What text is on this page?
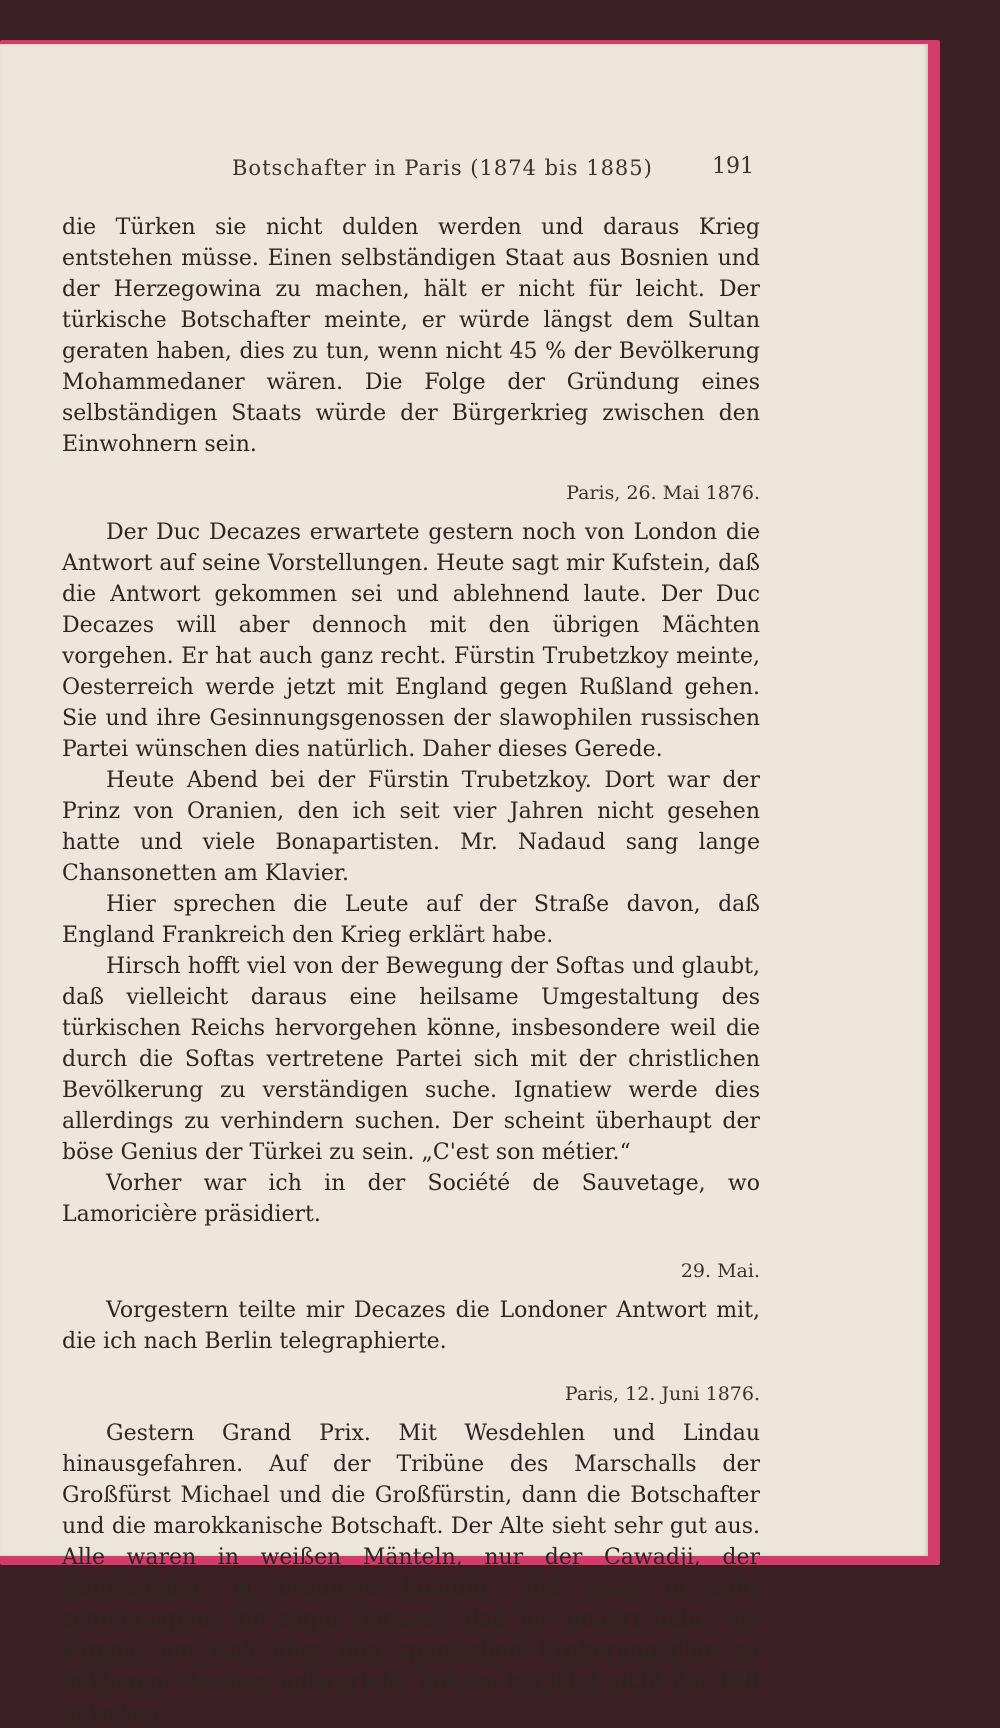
Botschafter in Paris (1874 bis 1885)	191

die Türken sie nicht dulden werden und daraus Krieg entstehen müsse. Einen selbständigen Staat aus Bosnien und der Herzegowina zu machen, hält er nicht für leicht. Der türkische Botschafter meinte, er würde längst dem Sultan geraten haben, dies zu tun, wenn nicht 45 % der Bevölkerung Mohammedaner wären. Die Folge der Gründung eines selbständigen Staats würde der Bürgerkrieg zwischen den Einwohnern sein.

Paris, 26. Mai 1876.

Der Duc Decazes erwartete gestern noch von London die Antwort auf seine Vorstellungen. Heute sagt mir Kufstein, daß die Antwort gekommen sei und ablehnend laute. Der Duc Decazes will aber dennoch mit den übrigen Mächten vorgehen. Er hat auch ganz recht. Fürstin Trubetzkoy meinte, Oesterreich werde jetzt mit England gegen Rußland gehen. Sie und ihre Gesinnungsgenossen der slawophilen russischen Partei wünschen dies natürlich. Daher dieses Gerede.

Heute Abend bei der Fürstin Trubetzkoy. Dort war der Prinz von Oranien, den ich seit vier Jahren nicht gesehen hatte und viele Bonapartisten. Mr. Nadaud sang lange Chansonetten am Klavier.

Hier sprechen die Leute auf der Straße davon, daß England Frankreich den Krieg erklärt habe.

Hirsch hofft viel von der Bewegung der Softas und glaubt, daß vielleicht daraus eine heilsame Umgestaltung des türkischen Reichs hervorgehen könne, insbesondere weil die durch die Softas vertretene Partei sich mit der christlichen Bevölkerung zu verständigen suche. Ignatiew werde dies allerdings zu verhindern suchen. Der scheint überhaupt der böse Genius der Türkei zu sein. „C'est son métier.“

Vorher war ich in der Société de Sauvetage, wo Lamoricière präsidiert.

29. Mai.

Vorgestern teilte mir Decazes die Londoner Antwort mit, die ich nach Berlin telegraphierte.

Paris, 12. Juni 1876.

Gestern Grand Prix. Mit Wesdehlen und Lindau hinausgefahren. Auf der Tribüne des Marschalls der Großfürst Michael und die Großfürstin, dann die Botschafter und die marokkanische Botschaft. Der Alte sieht sehr gut aus. Alle waren in weißen Mänteln, nur der Cawadji, der Kaffeesieder, in braunem Kostüm, und zwar in sehr schmutzigem. Ich sagte Decazes, daß ich gehört habe, sie kämen, um sich über den spanischen Eroberungsplan zu beklagen. Decazes antwortete, das sei bis jetzt nicht der Fall gewesen.
